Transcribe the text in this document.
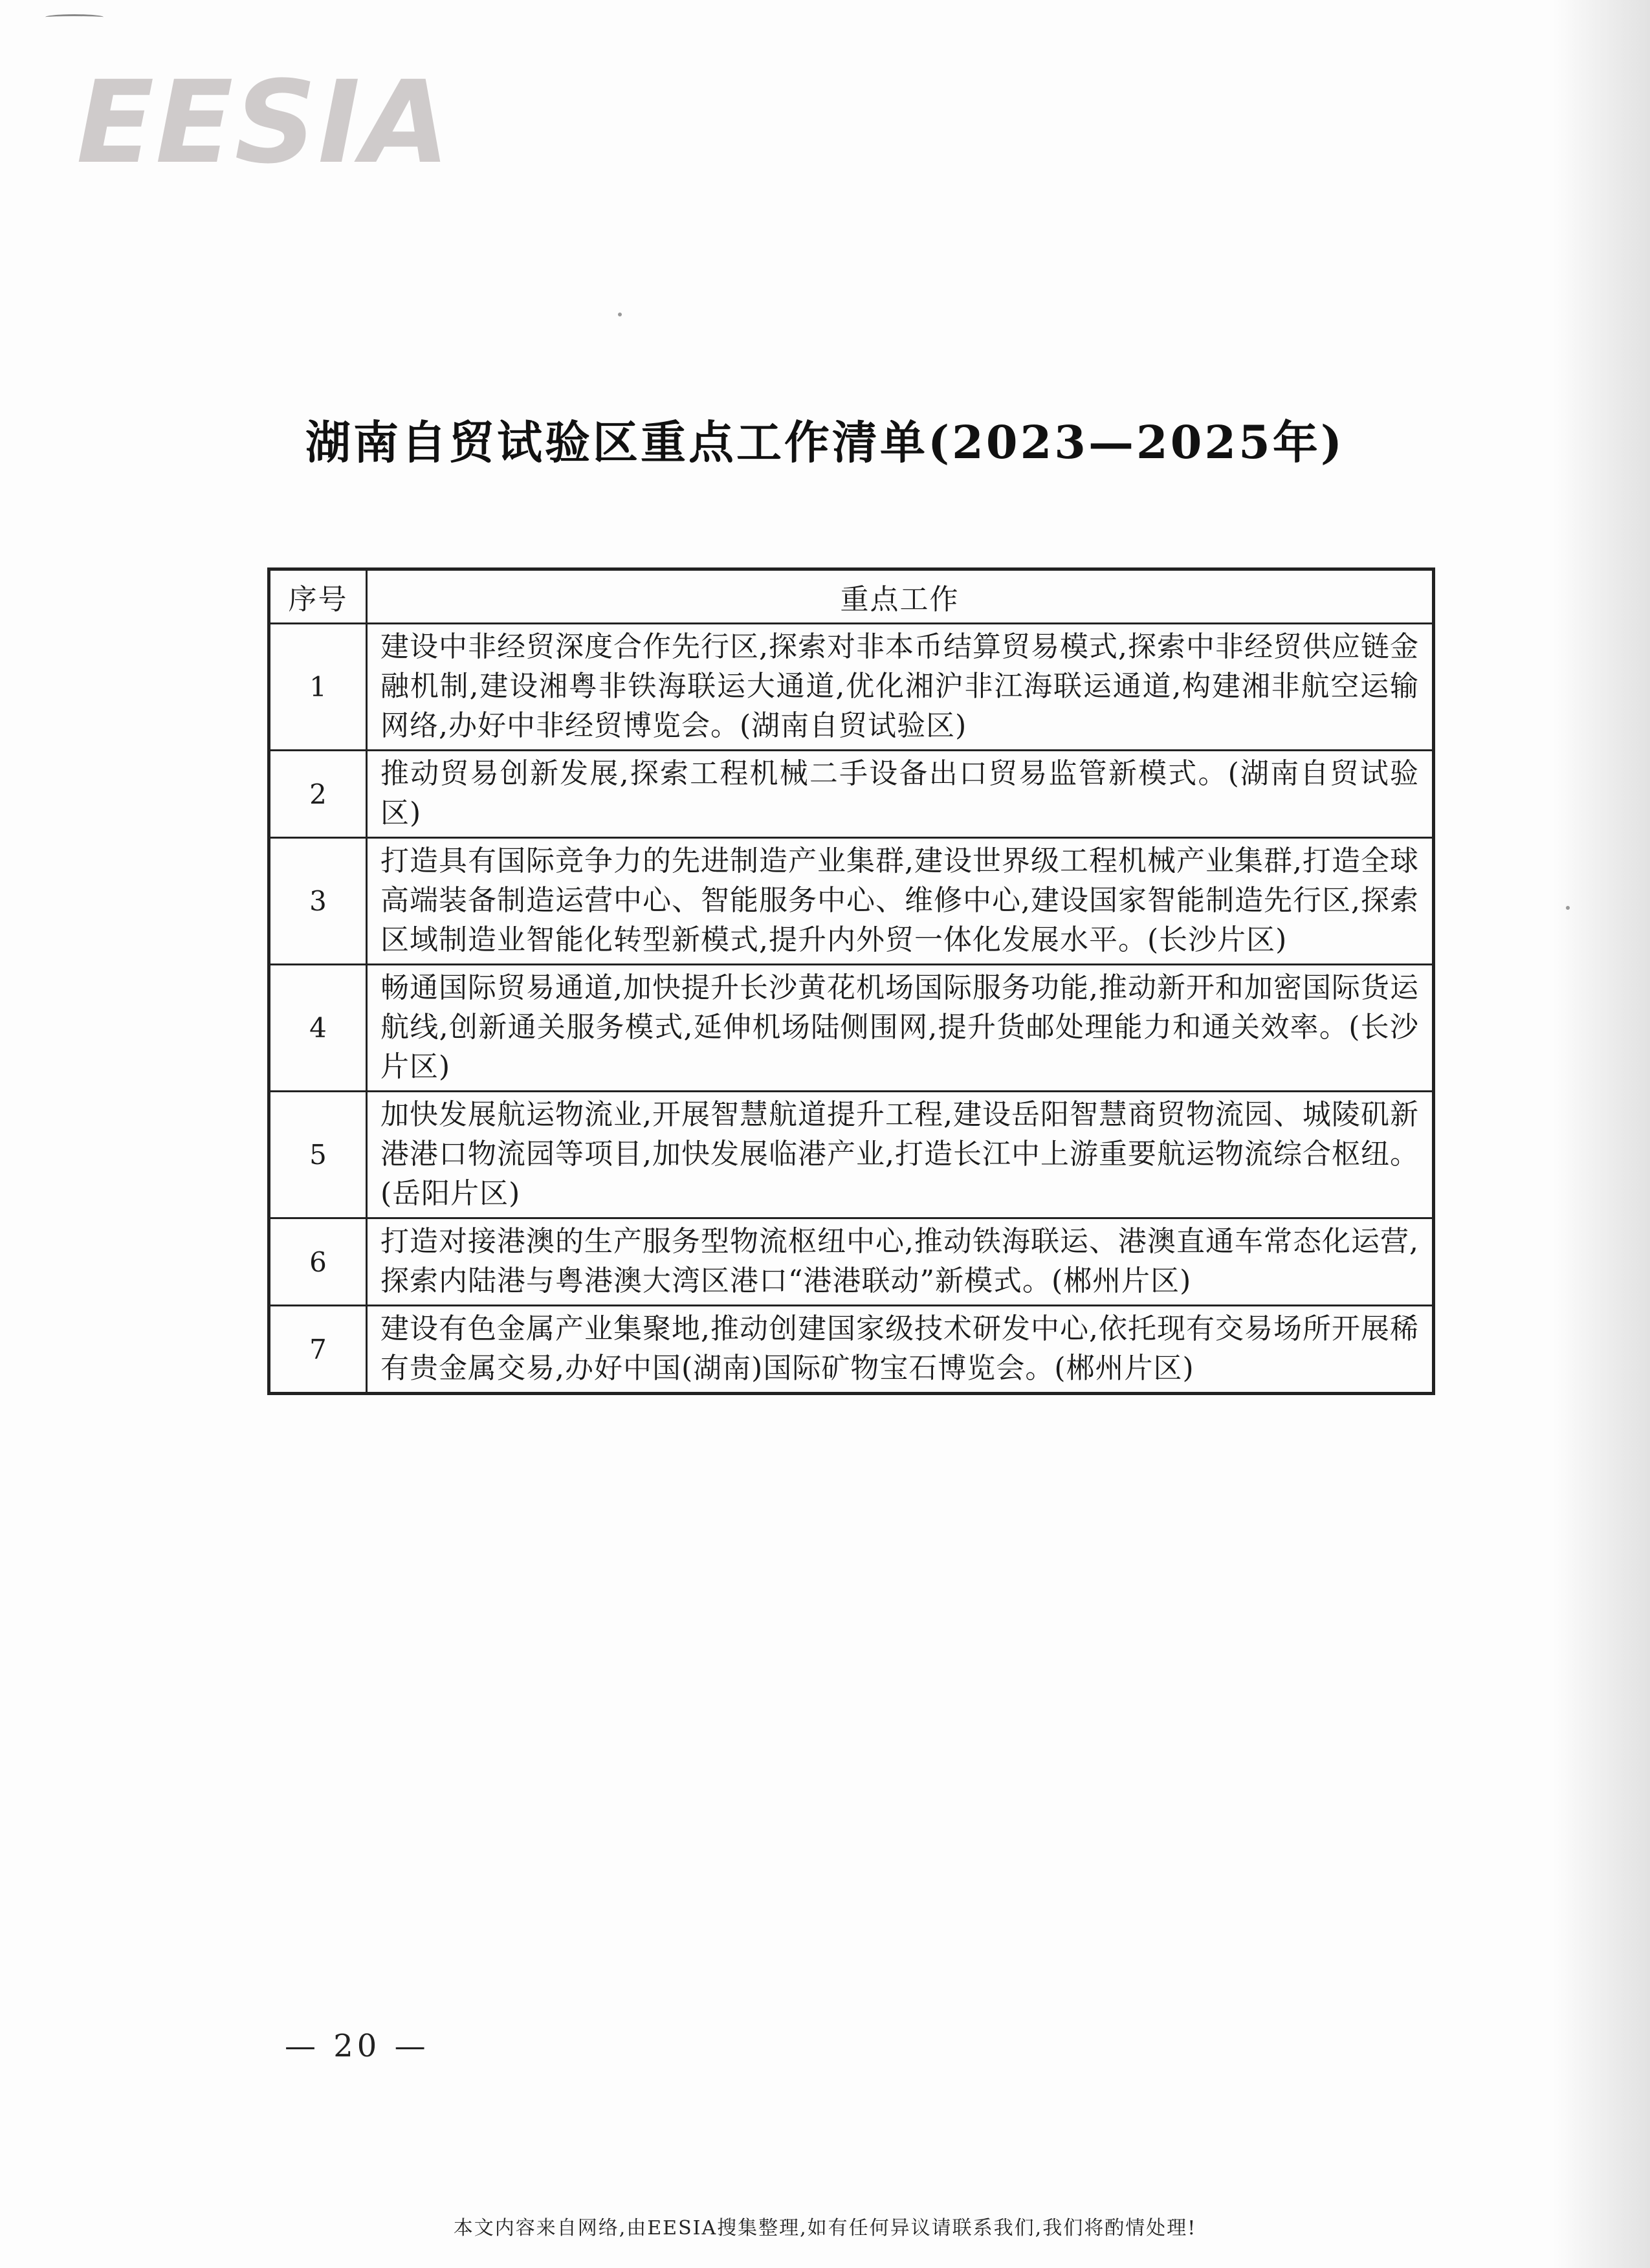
EESIA
湖南自贸试验区重点工作清单(2023—2025年)
序号	重点工作
1	建设中非经贸深度合作先行区,探索对非本币结算贸易模式,探索中非经贸供应链金融机制,建设湘粤非铁海联运大通道,优化湘沪非江海联运通道,构建湘非航空运输网络,办好中非经贸博览会。(湖南自贸试验区)
2	推动贸易创新发展,探索工程机械二手设备出口贸易监管新模式。(湖南自贸试验区)
3	打造具有国际竞争力的先进制造产业集群,建设世界级工程机械产业集群,打造全球高端装备制造运营中心、智能服务中心、维修中心,建设国家智能制造先行区,探索区域制造业智能化转型新模式,提升内外贸一体化发展水平。(长沙片区)
4	畅通国际贸易通道,加快提升长沙黄花机场国际服务功能,推动新开和加密国际货运航线,创新通关服务模式,延伸机场陆侧围网,提升货邮处理能力和通关效率。(长沙片区)
5	加快发展航运物流业,开展智慧航道提升工程,建设岳阳智慧商贸物流园、城陵矶新港港口物流园等项目,加快发展临港产业,打造长江中上游重要航运物流综合枢纽。(岳阳片区)
6	打造对接港澳的生产服务型物流枢纽中心,推动铁海联运、港澳直通车常态化运营,探索内陆港与粤港澳大湾区港口“港港联动”新模式。(郴州片区)
7	建设有色金属产业集聚地,推动创建国家级技术研发中心,依托现有交易场所开展稀有贵金属交易,办好中国(湖南)国际矿物宝石博览会。(郴州片区)
— 20 —
本文内容来自网络,由EESIA搜集整理,如有任何异议请联系我们,我们将酌情处理!
